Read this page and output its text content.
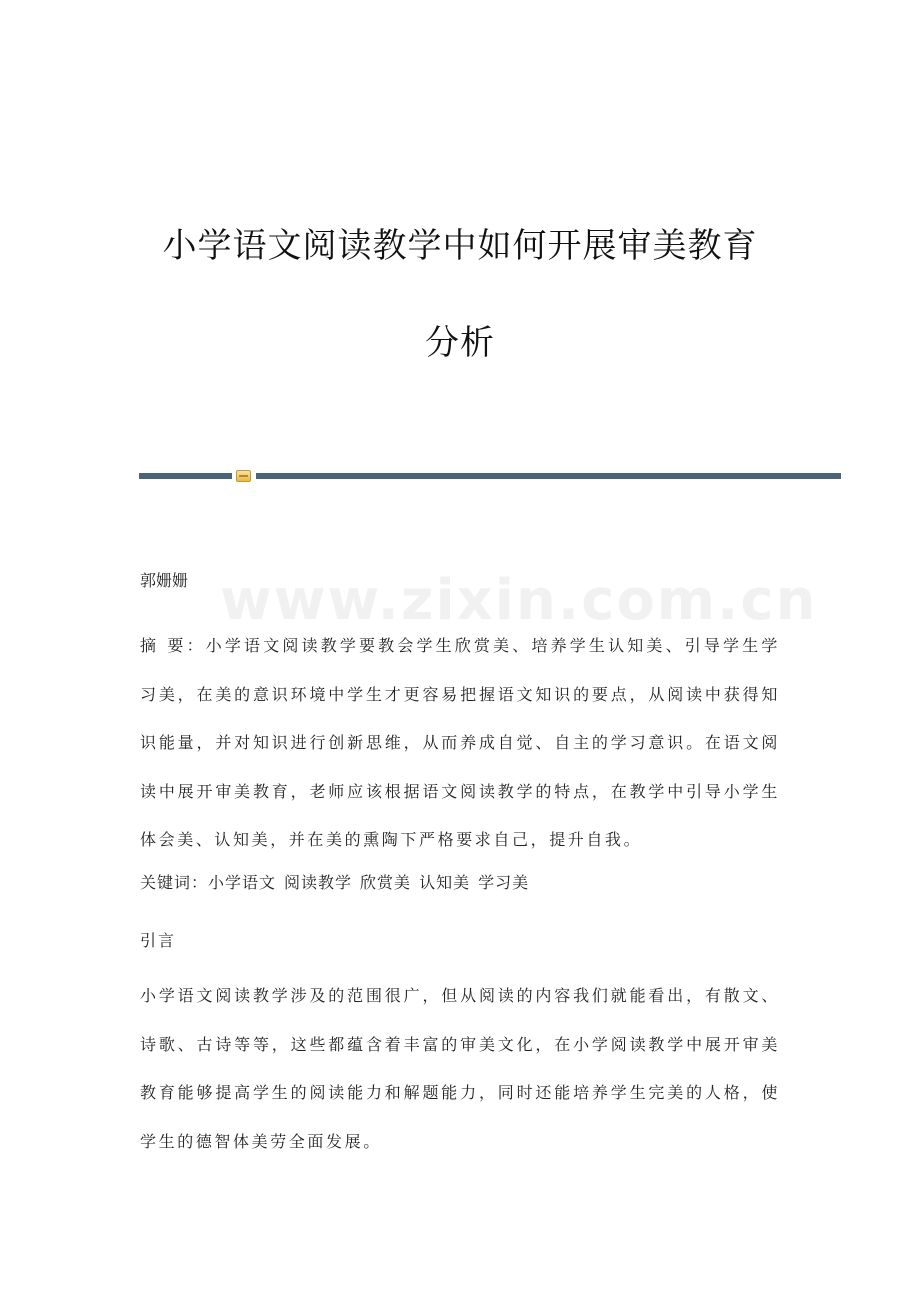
小学语文阅读教学中如何开展审美教育
分析
www.zixin.com.cn
郭姗姗
摘 要：小学语文阅读教学要教会学生欣赏美、培养学生认知美、引导学生学习美，在美的意识环境中学生才更容易把握语文知识的要点，从阅读中获得知识能量，并对知识进行创新思维，从而养成自觉、自主的学习意识。在语文阅读中展开审美教育，老师应该根据语文阅读教学的特点，在教学中引导小学生体会美、认知美，并在美的熏陶下严格要求自己，提升自我。
关键词：小学语文 阅读教学 欣赏美 认知美 学习美
引言
小学语文阅读教学涉及的范围很广，但从阅读的内容我们就能看出，有散文、诗歌、古诗等等，这些都蕴含着丰富的审美文化，在小学阅读教学中展开审美教育能够提高学生的阅读能力和解题能力，同时还能培养学生完美的人格，使学生的德智体美劳全面发展。
